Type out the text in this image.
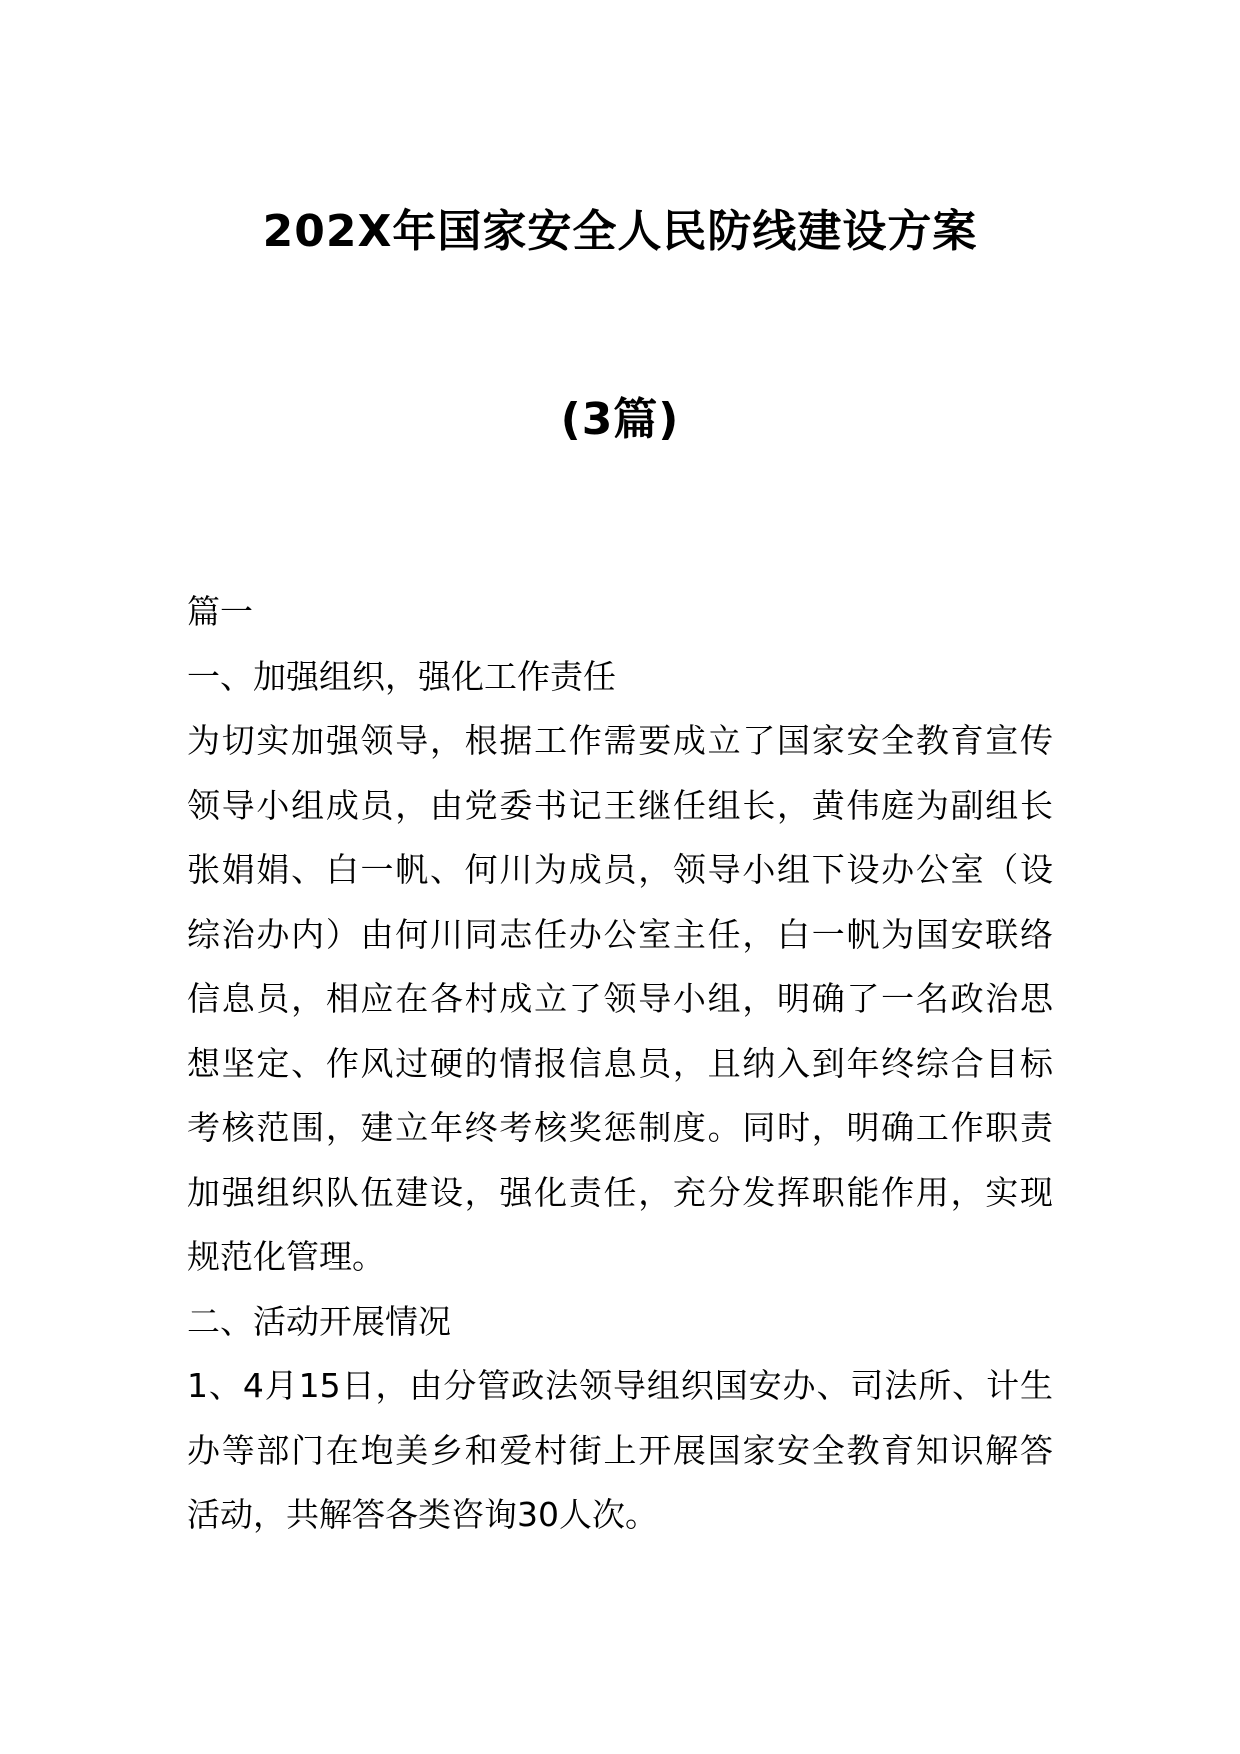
202X年国家安全人民防线建设方案
(3篇)

篇一

一、加强组织，强化工作责任

为切实加强领导，根据工作需要成立了国家安全教育宣传
领导小组成员，由党委书记王继任组长，黄伟庭为副组长
张娟娟、白一帆、何川为成员，领导小组下设办公室（设
综治办内）由何川同志任办公室主任，白一帆为国安联络
信息员，相应在各村成立了领导小组，明确了一名政治思
想坚定、作风过硬的情报信息员，且纳入到年终综合目标
考核范围，建立年终考核奖惩制度。同时，明确工作职责
加强组织队伍建设，强化责任，充分发挥职能作用，实现
规范化管理。

二、活动开展情况

1、4月15日，由分管政法领导组织国安办、司法所、计生
办等部门在垉美乡和爱村街上开展国家安全教育知识解答
活动，共解答各类咨询30人次。
